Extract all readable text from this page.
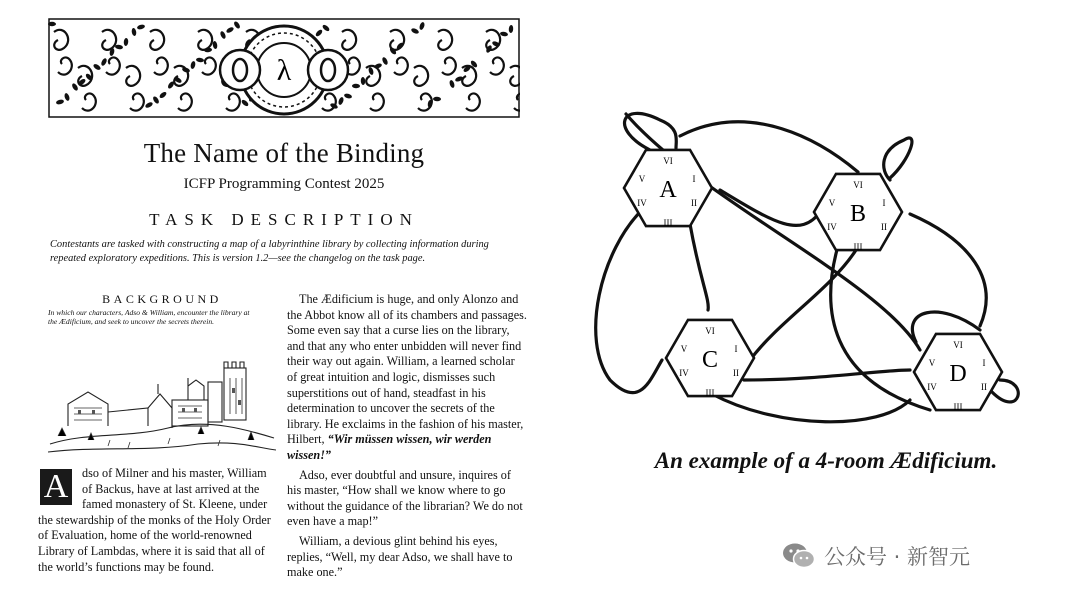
λ
The Name of the Binding
ICFP Programming Contest 2025
TASK DESCRIPTION
Contestants are tasked with constructing a map of a labyrinthine library by collecting information during
repeated exploratory expeditions. This is version 1.2—see the changelog on the task page.
BACKGROUND
In which our characters, Adso & William, encounter the library at
the Ædificium, and seek to uncover the secrets therein.
A	dso of Milner and his master, William
of Backus, have at last arrived at the
famed monastery of St. Kleene, under
the stewardship of the monks of the Holy Order
of Evaluation, home of the world-renowned
Library of Lambdas, where it is said that all of
the world’s functions may be found.

The Ædificium is huge, and only Alonzo and the Abbot know all of its chambers and passages. Some even say that a curse lies on the library, and that any who enter unbidden will never find their way out again. William, a learned scholar of great intuition and logic, dismisses such superstitions out of hand, steadfast in his determination to uncover the secrets of the library. He exclaims in the fashion of his master, Hilbert, “Wir müssen wissen, wir werden wissen!”

Adso, ever doubtful and unsure, inquires of his master, “How shall we know where to go without the guidance of the librarian? We do not even have a map!”

William, a devious glint behind his eyes, replies, “Well, my dear Adso, we shall have to make one.”

A I
II
III
IV
V
VI
B I
II
III
IV
V
VI
C I
II
III
IV
V
VI
D I
II
III
IV
V
VI
An example of a 4-room Ædificium.
公众号 · 新智元
